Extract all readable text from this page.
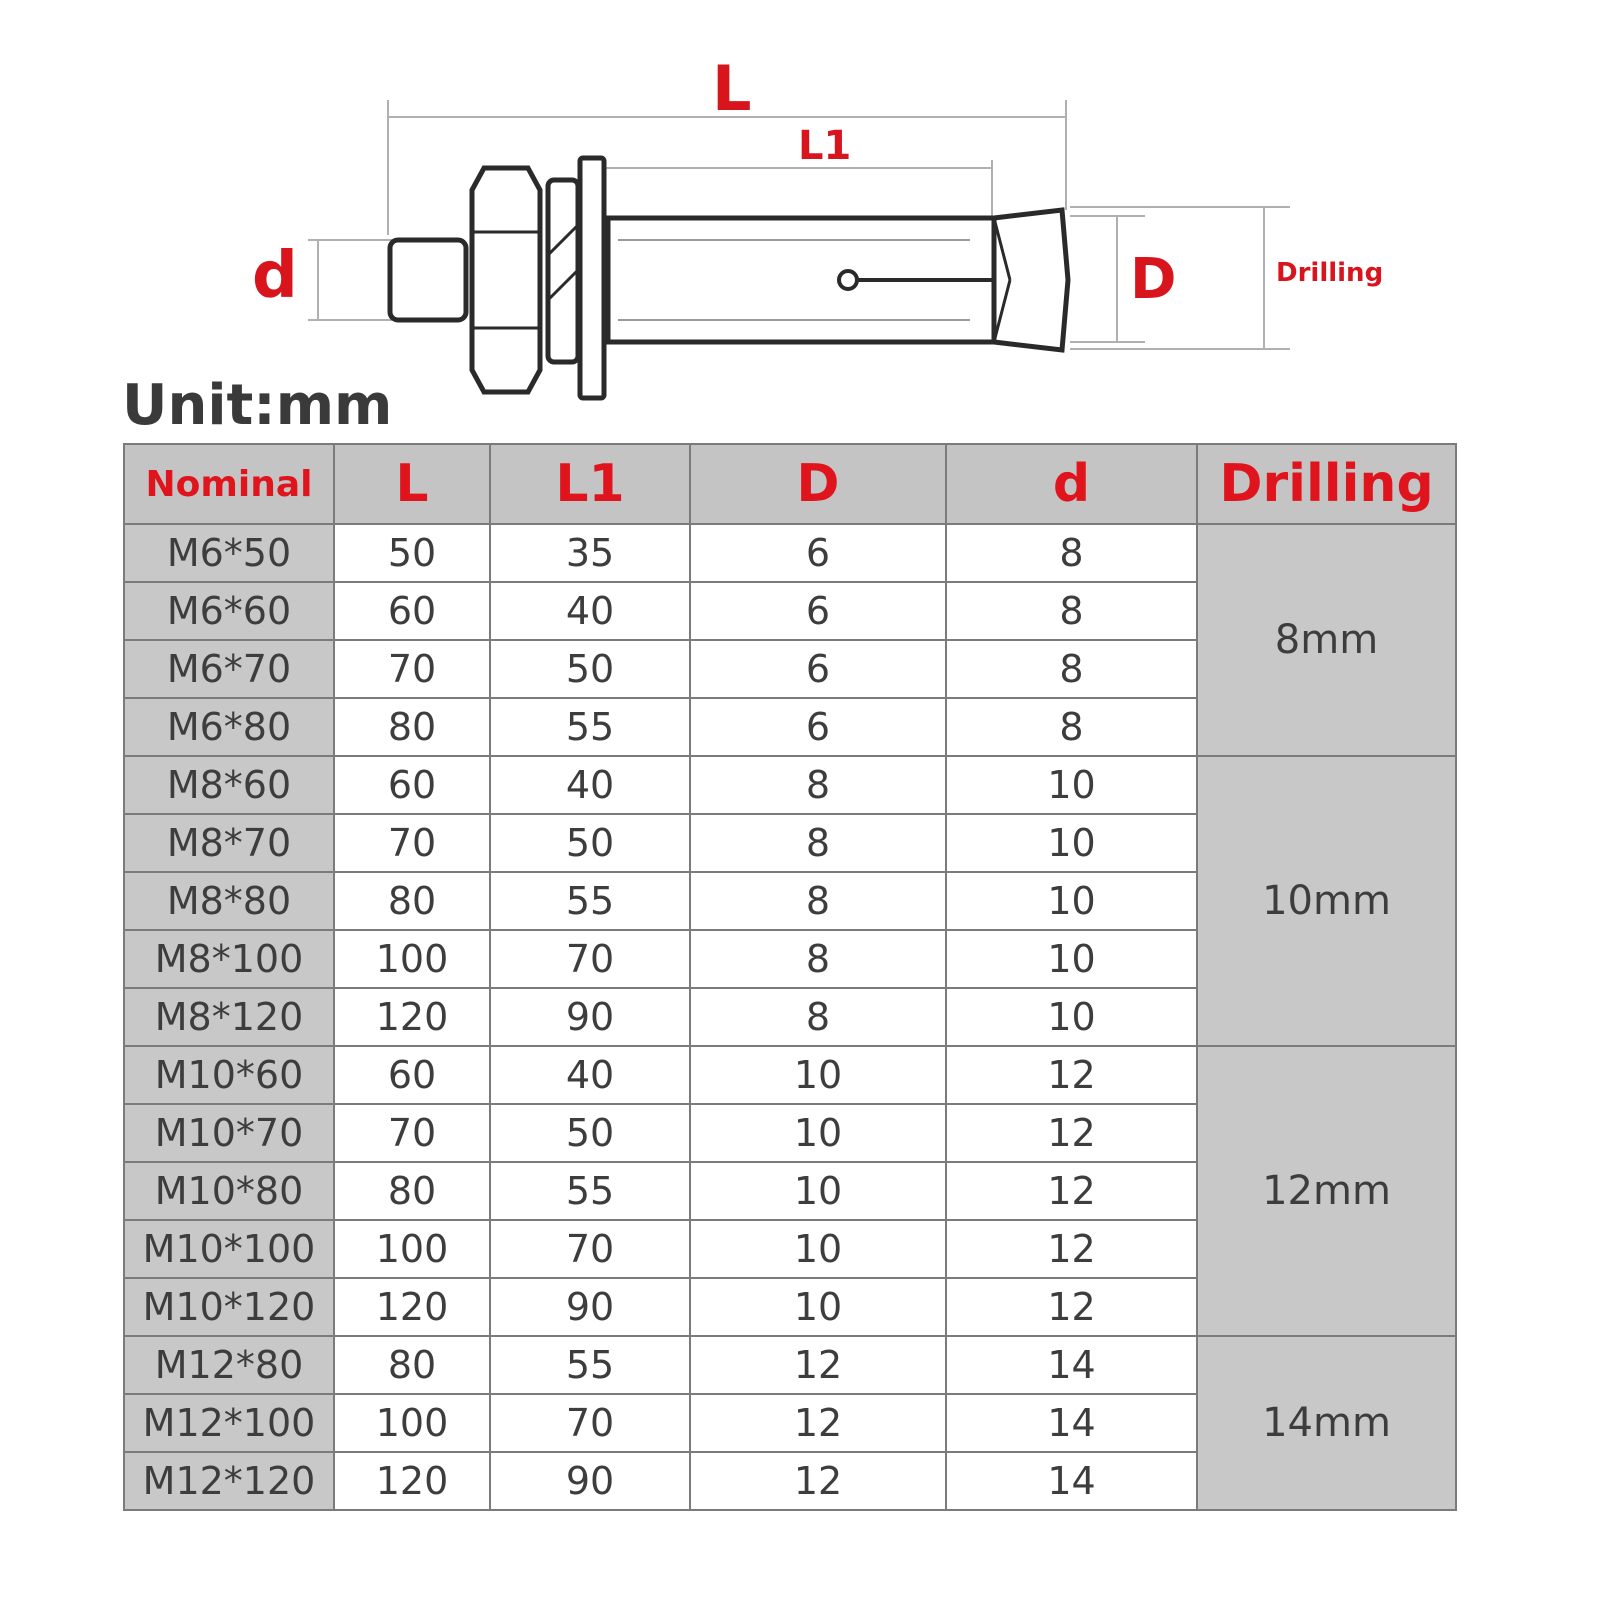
L
L1
d	D	Drilling
Unit:mm
Nominal	L	L1	D	d	Drilling
M6*50	50	35	6	8	8mm
M6*60	60	40	6	8	
M6*70	70	50	6	8	
M6*80	80	55	6	8	
M8*60	60	40	8	10	10mm
M8*70	70	50	8	10	
M8*80	80	55	8	10	
M8*100	100	70	8	10	
M8*120	120	90	8	10	
M10*60	60	40	10	12	12mm
M10*70	70	50	10	12	
M10*80	80	55	10	12	
M10*100	100	70	10	12	
M10*120	120	90	10	12	
M12*80	80	55	12	14	14mm
M12*100	100	70	12	14	
M12*120	120	90	12	14	
